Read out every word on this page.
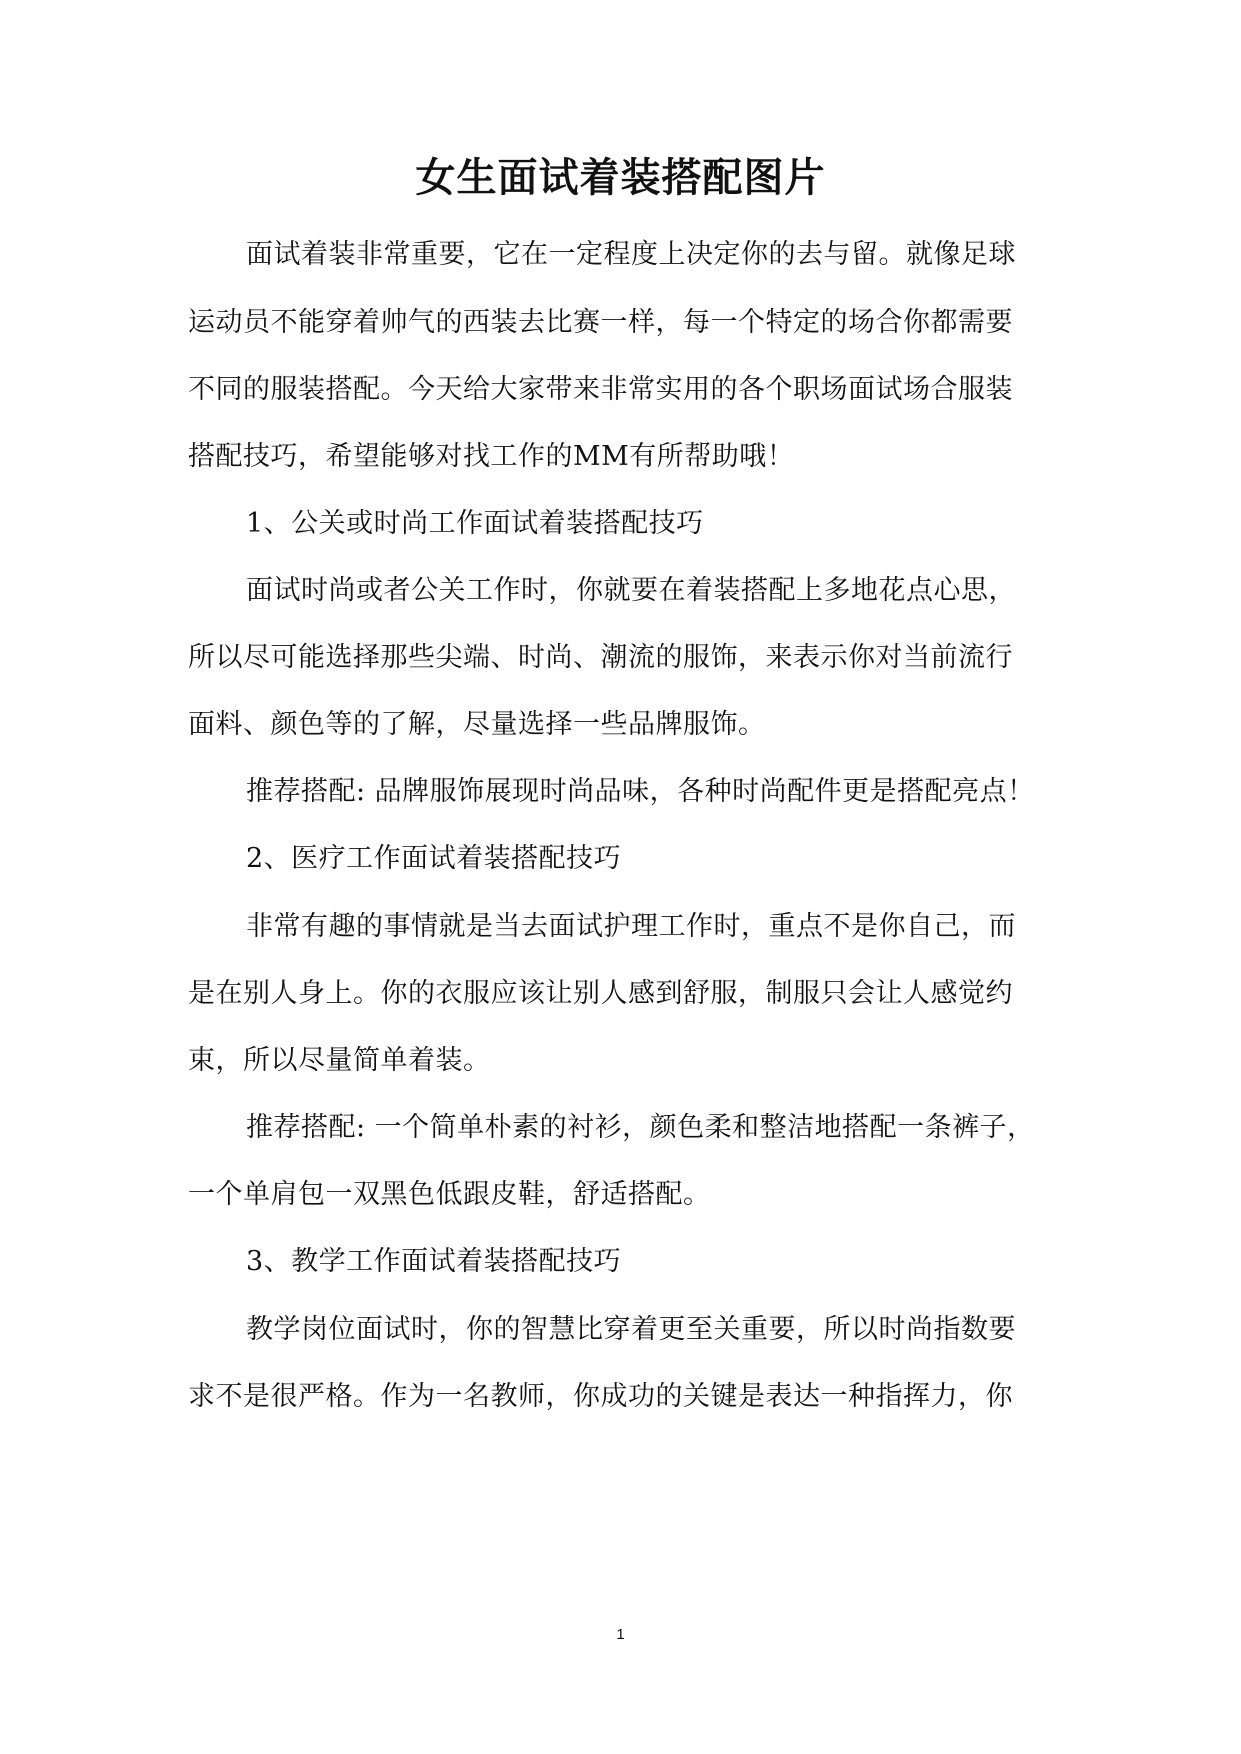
女生面试着装搭配图片
面试着装非常重要，它在一定程度上决定你的去与留。就像足球
运动员不能穿着帅气的西装去比赛一样，每一个特定的场合你都需要
不同的服装搭配。今天给大家带来非常实用的各个职场面试场合服装
搭配技巧，希望能够对找工作的MM有所帮助哦！
1、公关或时尚工作面试着装搭配技巧
面试时尚或者公关工作时，你就要在着装搭配上多地花点心思，
所以尽可能选择那些尖端、时尚、潮流的服饰，来表示你对当前流行
面料、颜色等的了解，尽量选择一些品牌服饰。
推荐搭配: 品牌服饰展现时尚品味，各种时尚配件更是搭配亮点！
2、医疗工作面试着装搭配技巧
非常有趣的事情就是当去面试护理工作时，重点不是你自己，而
是在别人身上。你的衣服应该让别人感到舒服，制服只会让人感觉约
束，所以尽量简单着装。
推荐搭配: 一个简单朴素的衬衫，颜色柔和整洁地搭配一条裤子，
一个单肩包一双黑色低跟皮鞋，舒适搭配。
3、教学工作面试着装搭配技巧
教学岗位面试时，你的智慧比穿着更至关重要，所以时尚指数要
求不是很严格。作为一名教师，你成功的关键是表达一种指挥力，你
1
